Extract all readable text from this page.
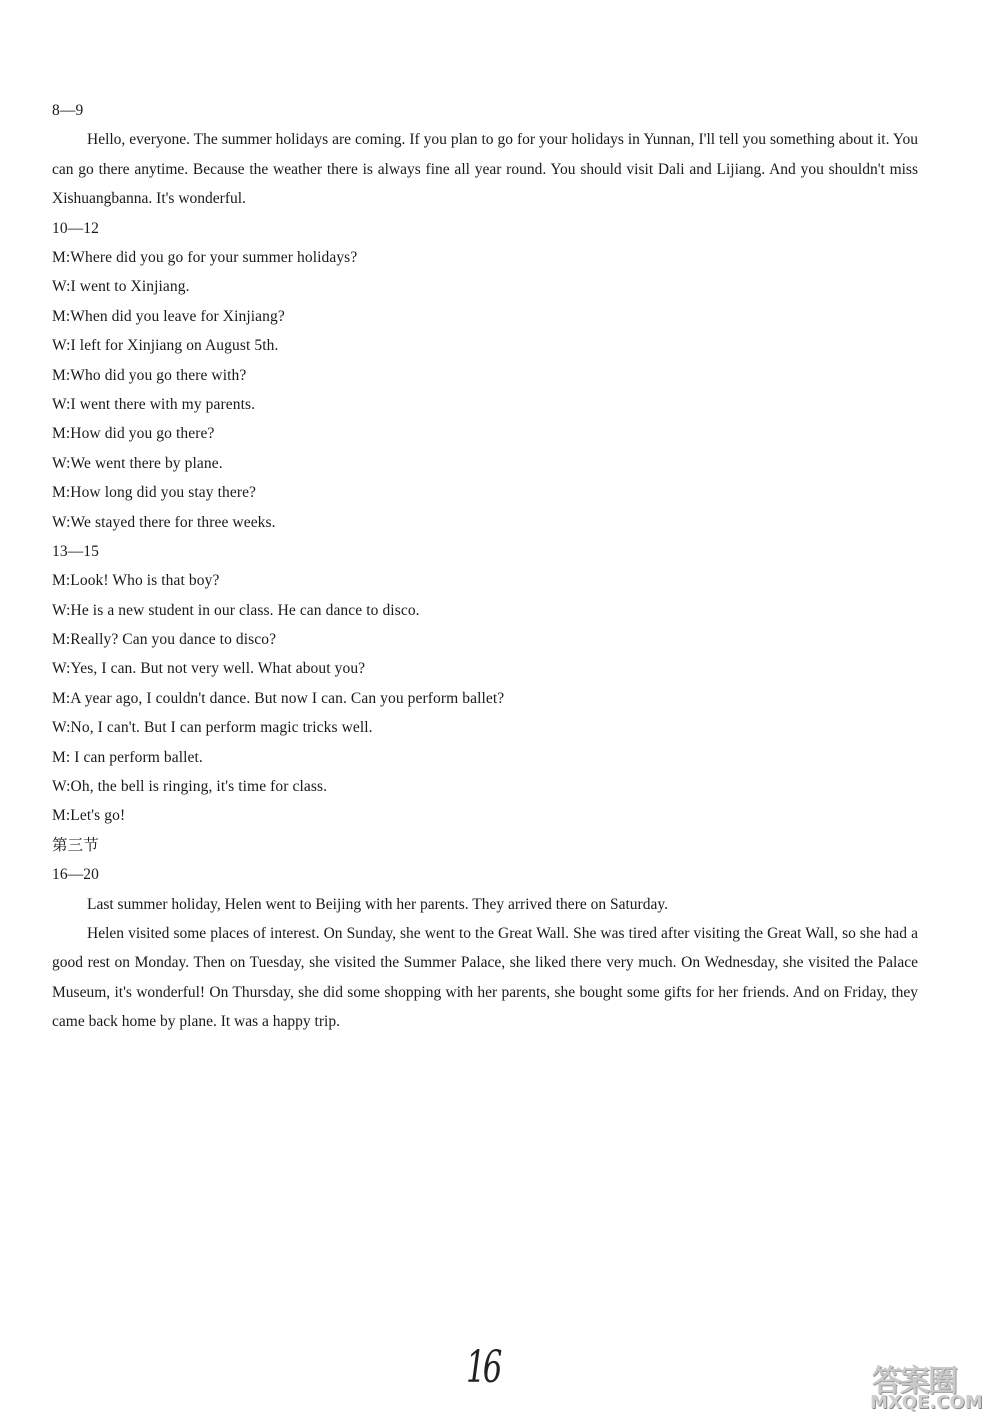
8—9

Hello, everyone. The summer holidays are coming. If you plan to go for your holidays in Yunnan, I'll tell you something about it. You can go there anytime. Because the weather there is always fine all year round. You should visit Dali and Lijiang. And you shouldn't miss Xishuangbanna. It's wonderful.

10—12
M:Where did you go for your summer holidays?
W:I went to Xinjiang.
M:When did you leave for Xinjiang?
W:I left for Xinjiang on August 5th.
M:Who did you go there with?
W:I went there with my parents.
M:How did you go there?
W:We went there by plane.
M:How long did you stay there?
W:We stayed there for three weeks.
13—15
M:Look! Who is that boy?
W:He is a new student in our class. He can dance to disco.
M:Really? Can you dance to disco?
W:Yes, I can. But not very well. What about you?
M:A year ago, I couldn't dance. But now I can. Can you perform ballet?
W:No, I can't. But I can perform magic tricks well.
M: I can perform ballet.
W:Oh, the bell is ringing, it's time for class.
M:Let's go!
第三节
16—20

Last summer holiday, Helen went to Beijing with her parents. They arrived there on Saturday.

Helen visited some places of interest. On Sunday, she went to the Great Wall. She was tired after visiting the Great Wall, so she had a good rest on Monday. Then on Tuesday, she visited the Summer Palace, she liked there very much. On Wednesday, she visited the Palace Museum, it's wonderful! On Thursday, she did some shopping with her parents, she bought some gifts for her friends. And on Friday, they came back home by plane. It was a happy trip.

16	答案圈
MXQE.COM
